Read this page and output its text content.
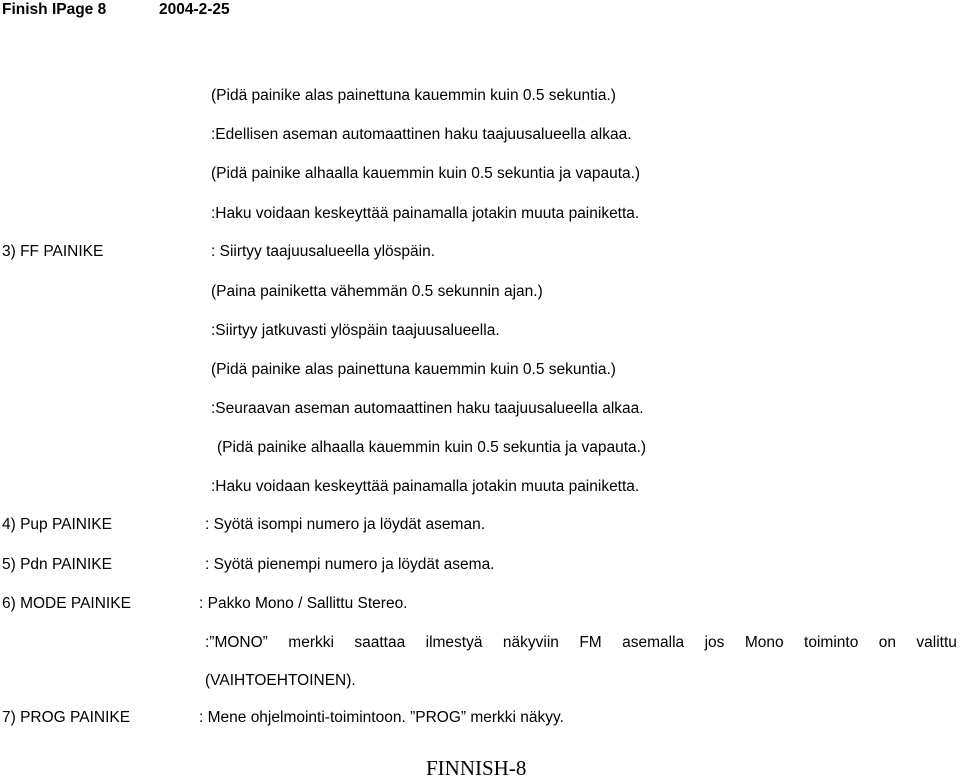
Finish IPage 8	2004-2-25
(Pidä painike alas painettuna kauemmin kuin 0.5 sekuntia.)
:Edellisen aseman automaattinen haku taajuusalueella alkaa.
(Pidä painike alhaalla kauemmin kuin 0.5 sekuntia ja vapauta.)
:Haku voidaan keskeyttää painamalla jotakin muuta painiketta.
3) FF PAINIKE	: Siirtyy taajuusalueella ylöspäin.
(Paina painiketta vähemmän 0.5 sekunnin ajan.)
:Siirtyy jatkuvasti ylöspäin taajuusalueella.
(Pidä painike alas painettuna kauemmin kuin 0.5 sekuntia.)
:Seuraavan aseman automaattinen haku taajuusalueella alkaa.
(Pidä painike alhaalla kauemmin kuin 0.5 sekuntia ja vapauta.)
:Haku voidaan keskeyttää painamalla jotakin muuta painiketta.
4) Pup PAINIKE	: Syötä isompi numero ja löydät aseman.
5) Pdn PAINIKE	: Syötä pienempi numero ja löydät asema.
6) MODE PAINIKE	: Pakko Mono / Sallittu Stereo.
:”MONO” merkki saattaa ilmestyä näkyviin FM asemalla jos Mono toiminto on valittu
(VAIHTOEHTOINEN).
7) PROG PAINIKE	: Mene ohjelmointi-toimintoon. ”PROG” merkki näkyy.
FINNISH-8
